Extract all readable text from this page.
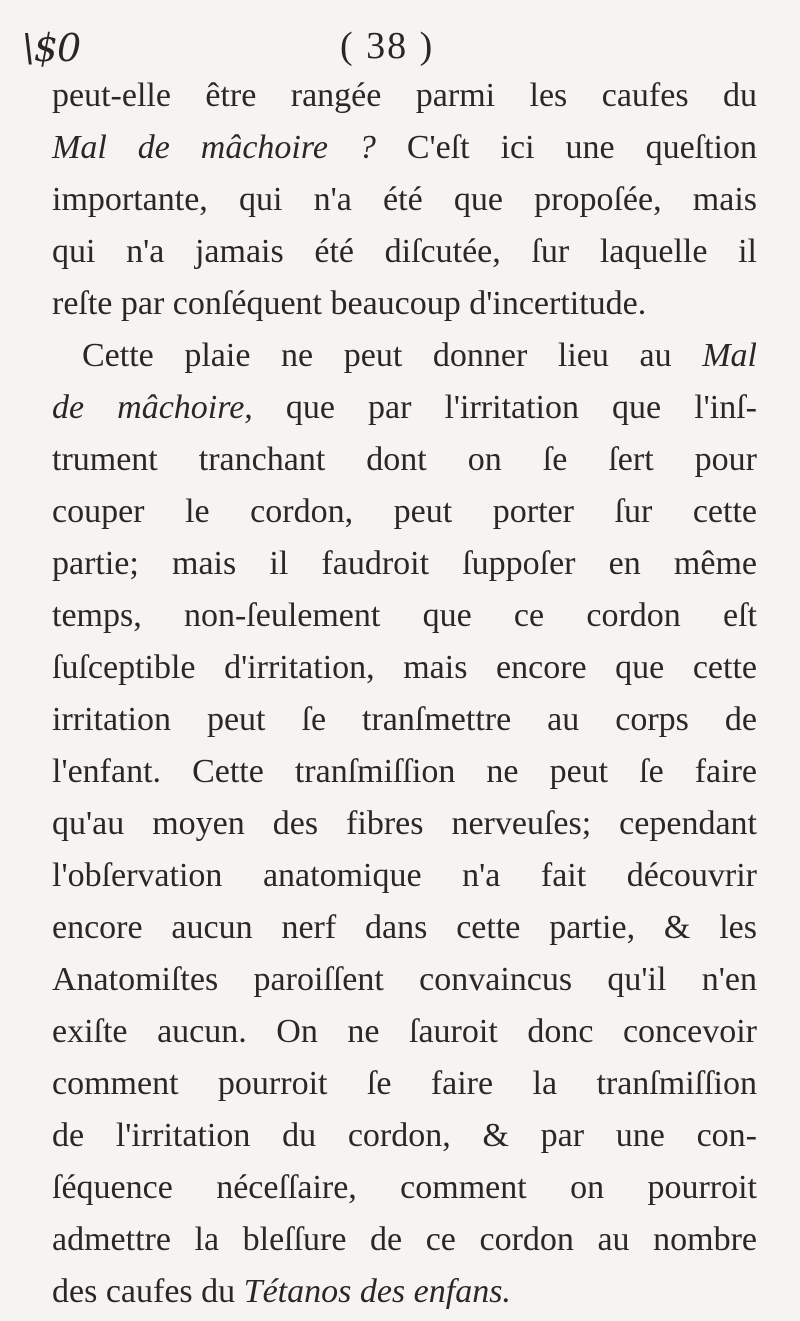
\$0	( 38 )
peut-elle être rangée parmi les caufes du
Mal de mâchoire ? C'eſt ici une queſtion
importante, qui n'a été que propoſée, mais
qui n'a jamais été diſcutée, ſur laquelle il
reſte par conſéquent beaucoup d'incertitude.
Cette plaie ne peut donner lieu au Mal
de mâchoire, que par l'irritation que l'inſ-
trument tranchant dont on ſe ſert pour
couper le cordon, peut porter ſur cette
partie; mais il faudroit ſuppoſer en même
temps, non-ſeulement que ce cordon eſt
ſuſceptible d'irritation, mais encore que cette
irritation peut ſe tranſmettre au corps de
l'enfant. Cette tranſmiſſion ne peut ſe faire
qu'au moyen des fibres nerveuſes; cependant
l'obſervation anatomique n'a fait découvrir
encore aucun nerf dans cette partie, & les
Anatomiſtes paroiſſent convaincus qu'il n'en
exiſte aucun. On ne ſauroit donc concevoir
comment pourroit ſe faire la tranſmiſſion
de l'irritation du cordon, & par une con-
ſéquence néceſſaire, comment on pourroit
admettre la bleſſure de ce cordon au nombre
des caufes du Tétanos des enfans.
